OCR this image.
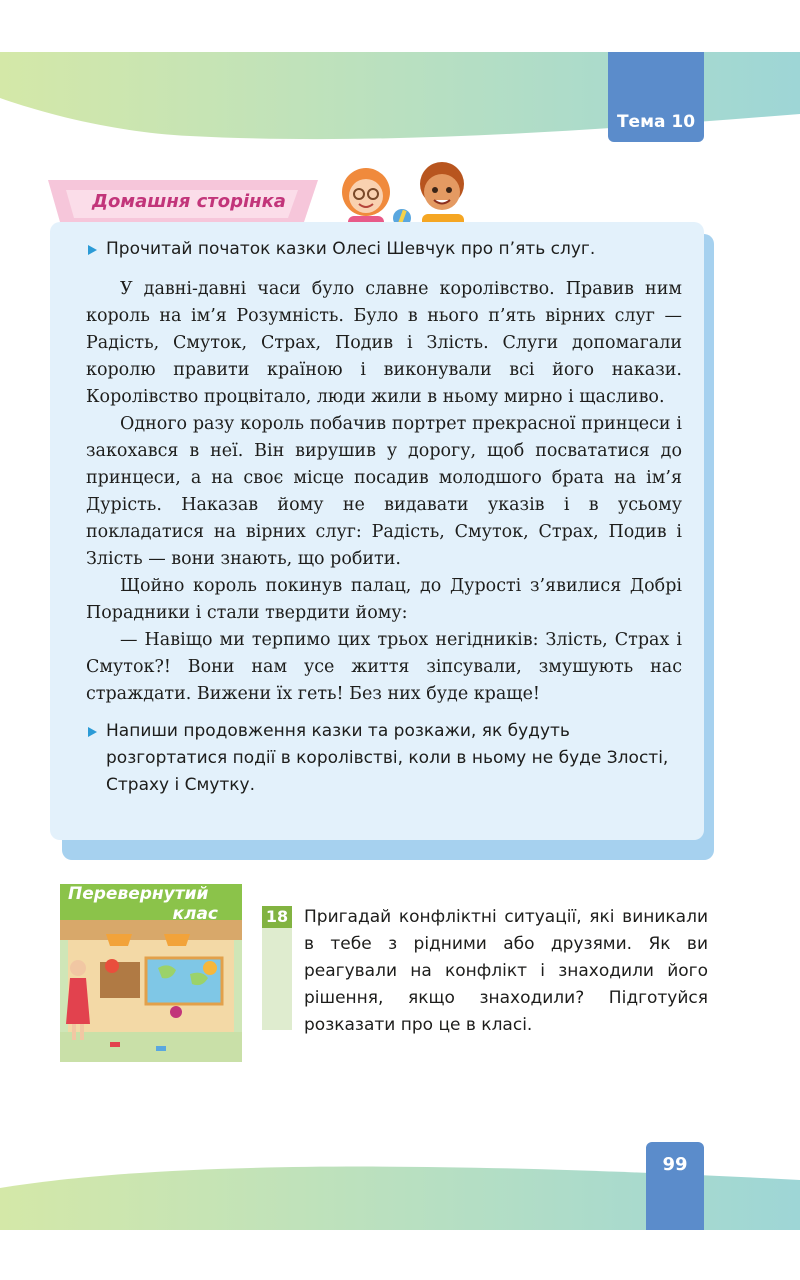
Тема 10
Домашня сторінка
Прочитай початок казки Олесі Шевчук про п’ять слуг.

У давні-давні часи було славне королівство. Правив ним король на ім’я Розумність. Було в нього п’ять вірних слуг — Радість, Смуток, Страх, Подив і Злість. Слуги допомагали королю правити країною і виконували всі його накази. Королівство процвітало, люди жили в ньому мирно і щасливо.

Одного разу король побачив портрет прекрасної принцеси і закохався в неї. Він вирушив у дорогу, щоб посвататися до принцеси, а на своє місце посадив молодшого брата на ім’я Дурість. Наказав йому не видавати указів і в усьому покладатися на вірних слуг: Радість, Смуток, Страх, Подив і Злість — вони знають, що робити.

Щойно король покинув палац, до Дурості з’явилися Добрі Порадники і стали твердити йому:

— Навіщо ми терпимо цих трьох негідників: Злість, Страх і Смуток?! Вони нам усе життя зіпсували, змушують нас страждати. Вижени їх геть! Без них буде краще!

Напиши продовження казки та розкажи, як будуть розгортатися події в королівстві, коли в ньому не буде Злості, Страху і Смутку.
Перевернутий
клас	18 Пригадай конфліктні ситуації, які виникали в тебе з рідними або друзями. Як ви реагували на конфлікт і знаходили його рішення, якщо знаходили? Підготуйся розказати про це в класі.
99
